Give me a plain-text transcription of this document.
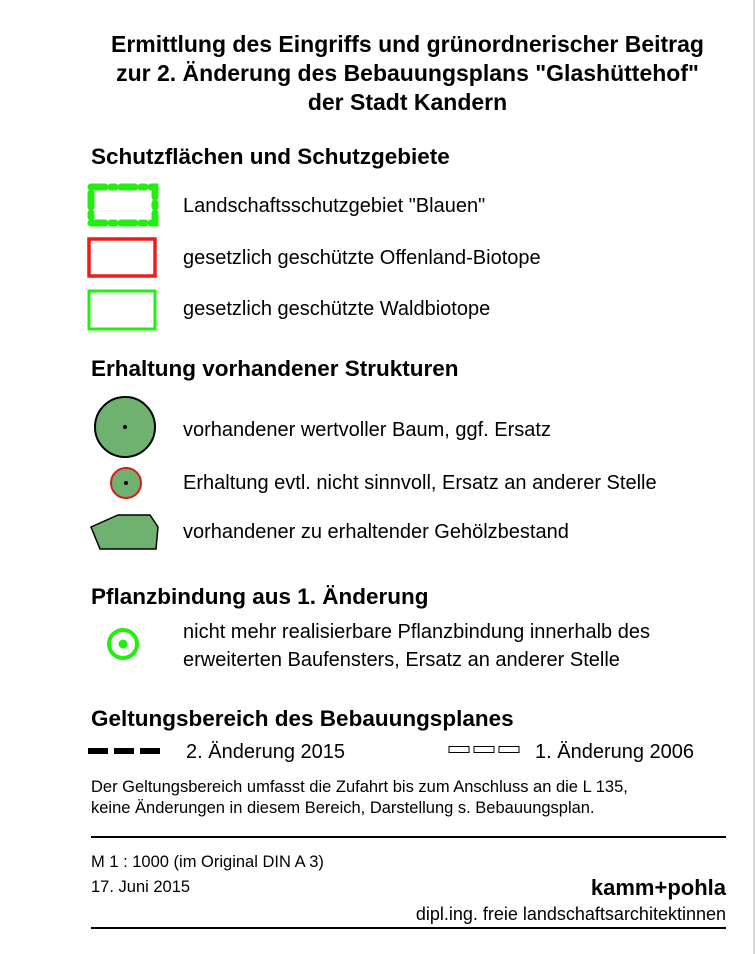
Ermittlung des Eingriffs und grünordnerischer Beitrag
zur 2. Änderung des Bebauungsplans "Glashüttehof"
der Stadt Kandern
Schutzflächen und Schutzgebiete
Landschaftsschutzgebiet "Blauen"
gesetzlich geschützte Offenland-Biotope
gesetzlich geschützte Waldbiotope
Erhaltung vorhandener Strukturen
vorhandener wertvoller Baum, ggf. Ersatz
Erhaltung evtl. nicht sinnvoll, Ersatz an anderer Stelle
vorhandener zu erhaltender Gehölzbestand
Pflanzbindung aus 1. Änderung
nicht mehr realisierbare Pflanzbindung innerhalb des
erweiterten Baufensters, Ersatz an anderer Stelle
Geltungsbereich des Bebauungsplanes
2. Änderung 2015	1. Änderung 2006
Der Geltungsbereich umfasst die Zufahrt bis zum Anschluss an die L 135,
keine Änderungen in diesem Bereich, Darstellung s. Bebauungsplan.
M 1 : 1000 (im Original DIN A 3)
17. Juni 2015	kamm+pohla
dipl.ing. freie landschaftsarchitektinnen
